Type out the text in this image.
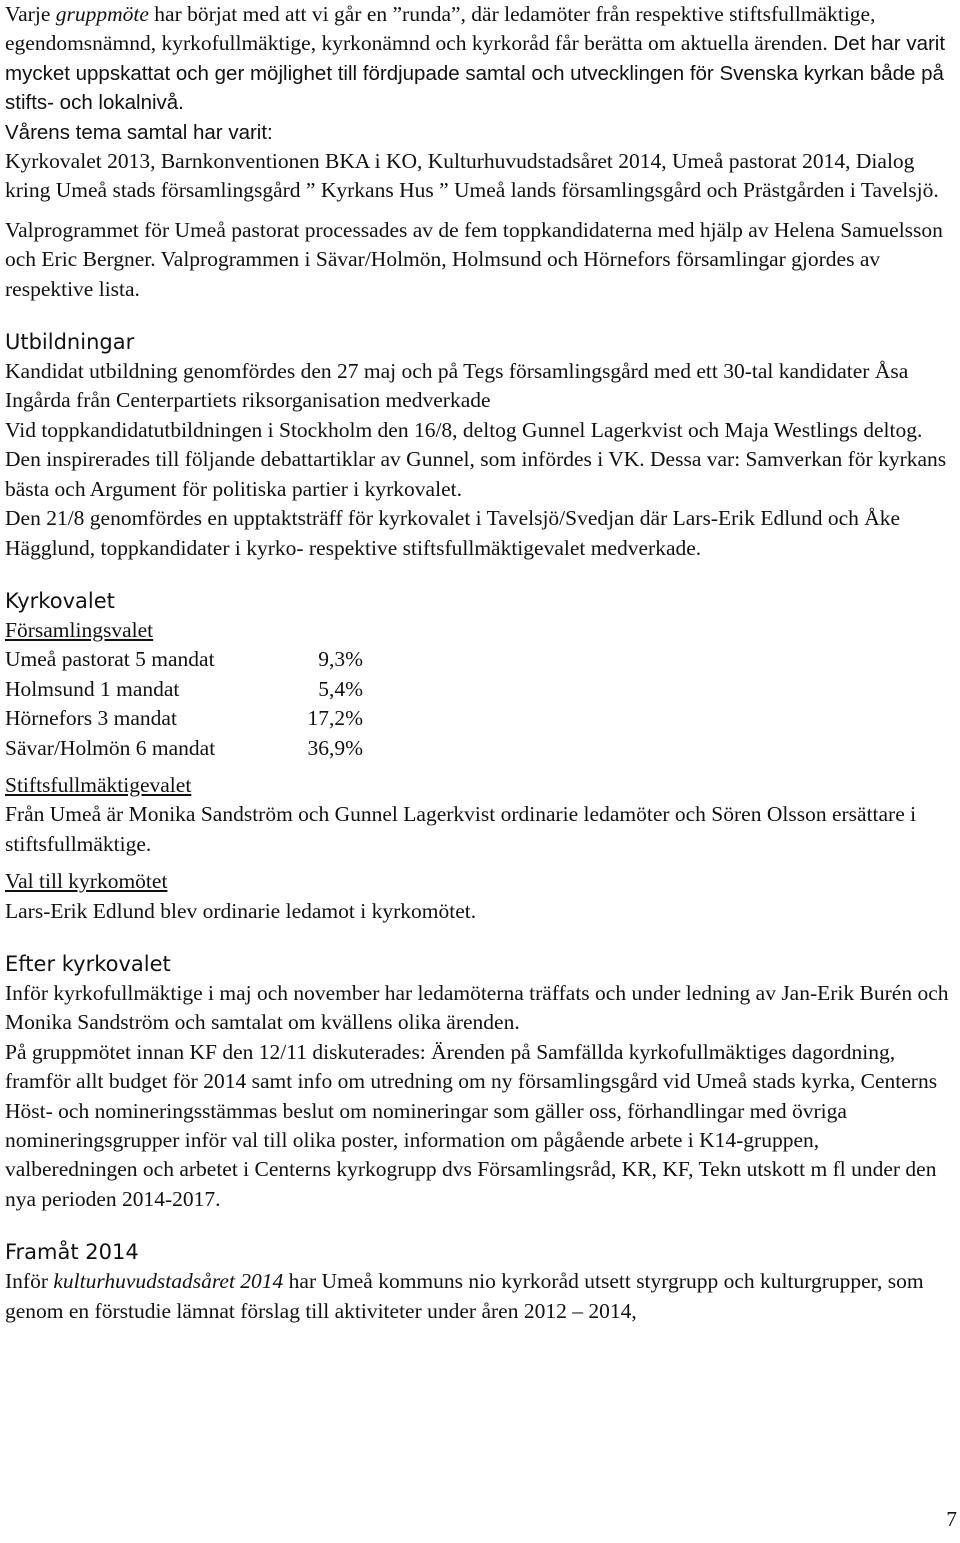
Varje gruppmöte har börjat med att vi går en ”runda”, där ledamöter från respektive stiftsfullmäktige, egendomsnämnd, kyrkofullmäktige, kyrkonämnd och kyrkoråd får berätta om aktuella ärenden. Det har varit mycket uppskattat och ger möjlighet till fördjupade samtal och utvecklingen för Svenska kyrkan både på stifts- och lokalnivå.

Vårens tema samtal har varit:

Kyrkovalet 2013, Barnkonventionen BKA i KO, Kulturhuvudstadsåret 2014, Umeå pastorat 2014, Dialog kring Umeå stads församlingsgård ” Kyrkans Hus ” Umeå lands församlingsgård och Prästgården i Tavelsjö.

Valprogrammet för Umeå pastorat processades av de fem toppkandidaterna med hjälp av Helena Samuelsson och Eric Bergner. Valprogrammen i Sävar/Holmön, Holmsund och Hörnefors församlingar gjordes av respektive lista.

Utbildningar

Kandidat utbildning genomfördes den 27 maj och på Tegs församlingsgård med ett 30-tal kandidater Åsa Ingårda från Centerpartiets riksorganisation medverkade

Vid toppkandidatutbildningen i Stockholm den 16/8, deltog Gunnel Lagerkvist och Maja Westlings deltog. Den inspirerades till följande debattartiklar av Gunnel, som infördes i VK. Dessa var: Samverkan för kyrkans bästa och Argument för politiska partier i kyrkovalet.

Den 21/8 genomfördes en upptaktsträff för kyrkovalet i Tavelsjö/Svedjan där Lars-Erik Edlund och Åke Hägglund, toppkandidater i kyrko- respektive stiftsfullmäktigevalet medverkade.

Kyrkovalet

Församlingsvalet

Umeå pastorat 5 mandat	9,3%
Holmsund 1 mandat	5,4%
Hörnefors 3 mandat	17,2%
Sävar/Holmön 6 mandat	36,9%

Stiftsfullmäktigevalet

Från Umeå är Monika Sandström och Gunnel Lagerkvist ordinarie ledamöter och Sören Olsson ersättare i stiftsfullmäktige.

Val till kyrkomötet

Lars-Erik Edlund blev ordinarie ledamot i kyrkomötet.

Efter kyrkovalet

Inför kyrkofullmäktige i maj och november har ledamöterna träffats och under ledning av Jan-Erik Burén och Monika Sandström och samtalat om kvällens olika ärenden.

På gruppmötet innan KF den 12/11 diskuterades: Ärenden på Samfällda kyrkofullmäktiges dagordning, framför allt budget för 2014 samt info om utredning om ny församlingsgård vid Umeå stads kyrka, Centerns Höst- och nomineringsstämmas beslut om nomineringar som gäller oss, förhandlingar med övriga nomineringsgrupper inför val till olika poster, information om pågående arbete i K14-gruppen, valberedningen och arbetet i Centerns kyrkogrupp dvs Församlingsråd, KR, KF, Tekn utskott m fl under den nya perioden 2014-2017.

Framåt 2014

Inför kulturhuvudstadsåret 2014 har Umeå kommuns nio kyrkoråd utsett styrgrupp och kulturgrupper, som genom en förstudie lämnat förslag till aktiviteter under åren 2012 – 2014,

7
